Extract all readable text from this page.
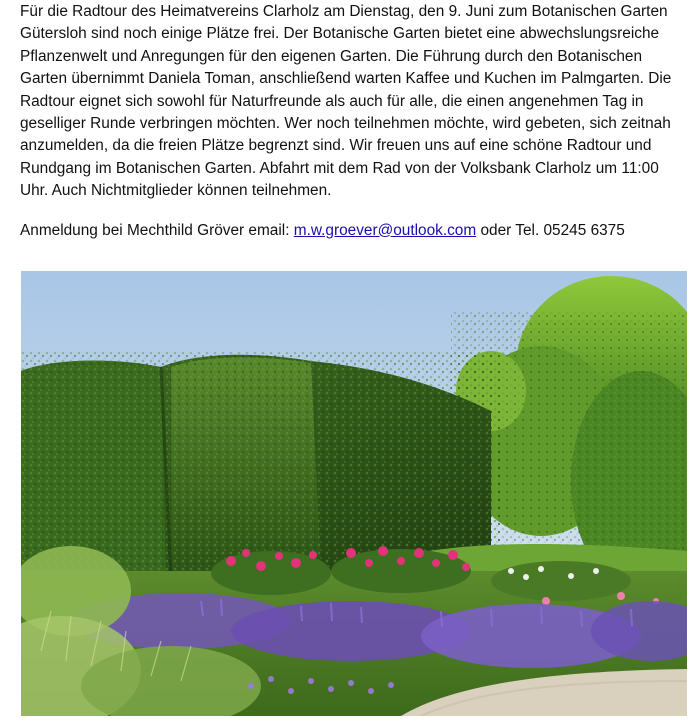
Für die Radtour des Heimatvereins Clarholz am Dienstag, den 9. Juni zum Botanischen Garten Gütersloh sind noch einige Plätze frei. Der Botanische Garten bietet eine abwechslungsreiche Pflanzenwelt und Anregungen für den eigenen Garten. Die Führung durch den Botanischen Garten übernimmt Daniela Toman, anschließend warten Kaffee und Kuchen im Palmgarten. Die Radtour eignet sich sowohl für Naturfreunde als auch für alle, die einen angenehmen Tag in geselliger Runde verbringen möchten. Wer noch teilnehmen möchte, wird gebeten, sich zeitnah anzumelden, da die freien Plätze begrenzt sind. Wir freuen uns auf eine schöne Radtour und Rundgang im Botanischen Garten. Abfahrt mit dem Rad von der Volksbank Clarholz um 11:00 Uhr. Auch Nichtmitglieder können teilnehmen.

Anmeldung bei Mechthild Gröver email: m.w.groever@outlook.com oder Tel. 05245 6375
